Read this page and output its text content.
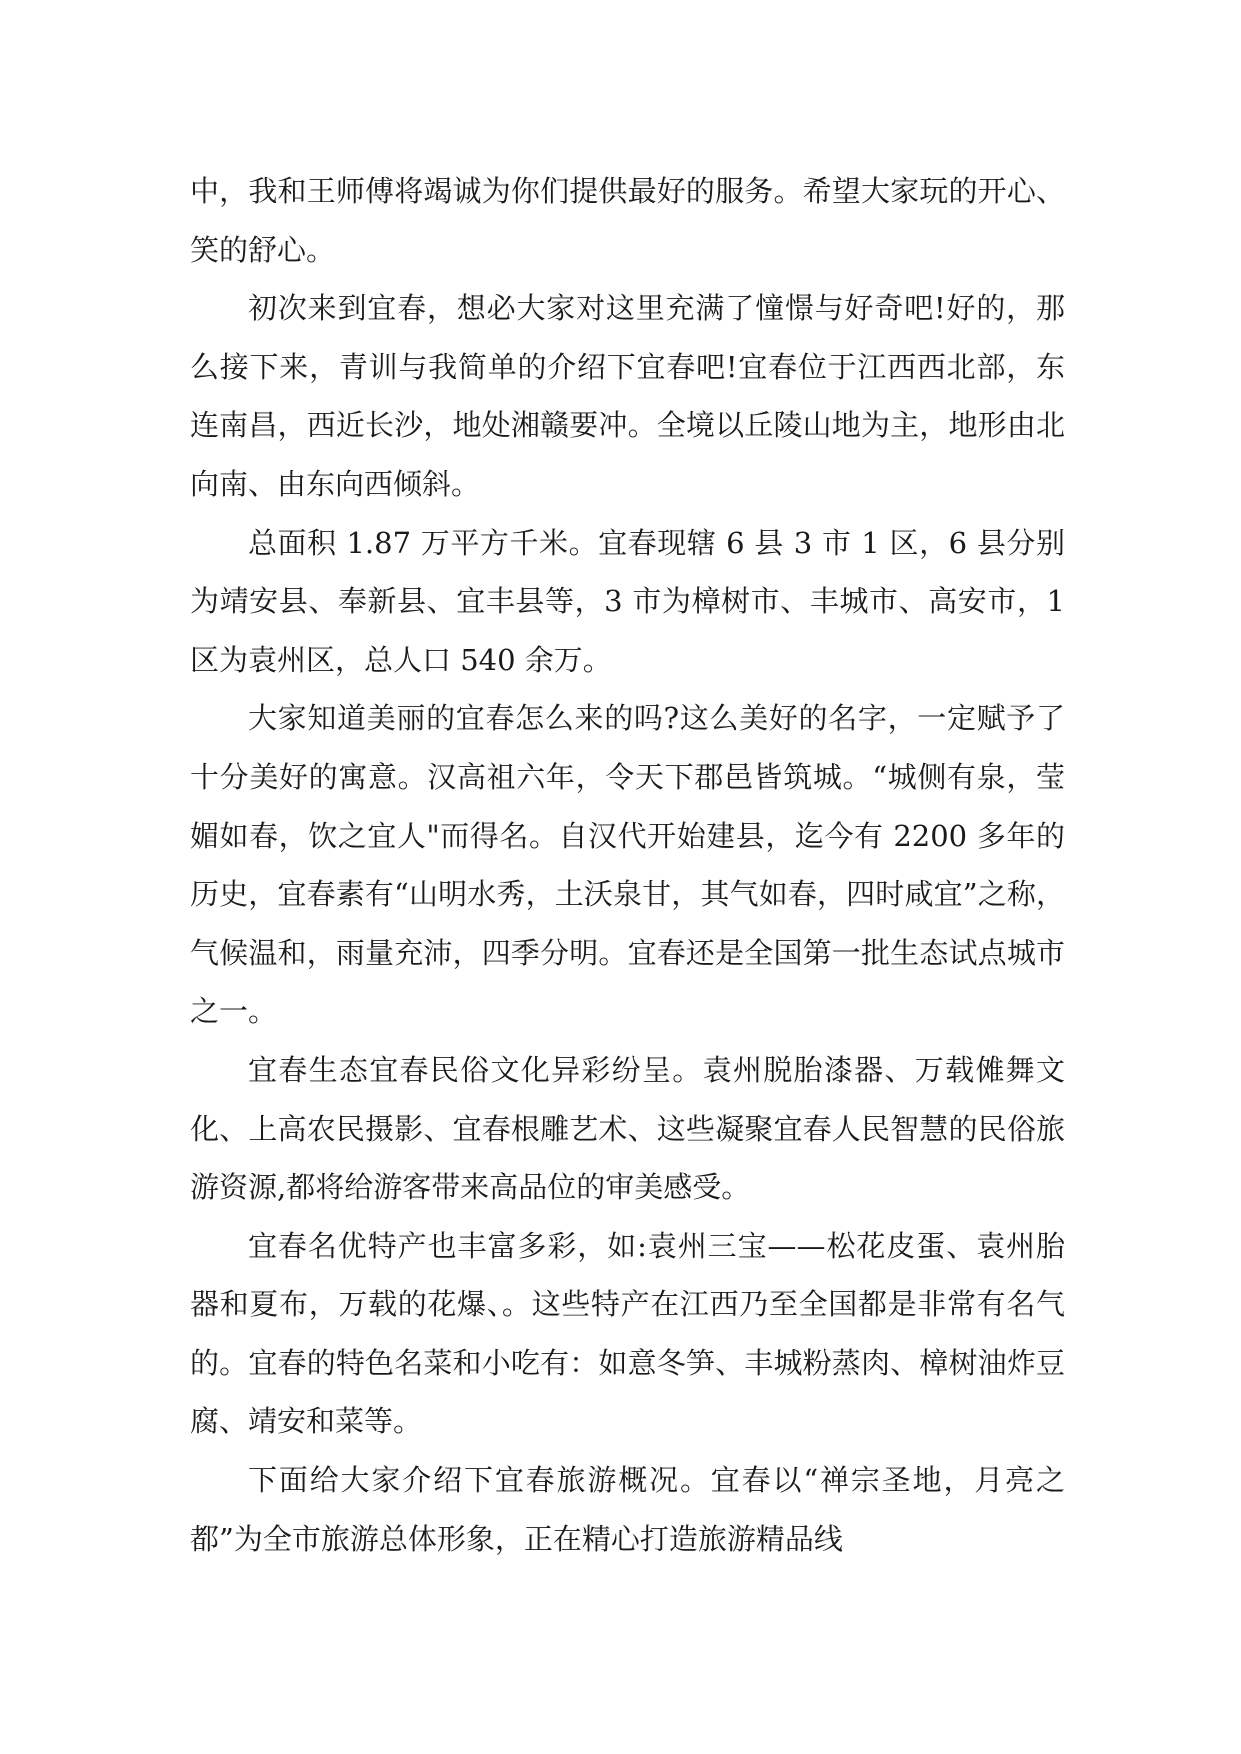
中，我和王师傅将竭诚为你们提供最好的服务。希望大家玩的开心、笑的舒心。

初次来到宜春，想必大家对这里充满了憧憬与好奇吧!好的，那么接下来，青训与我简单的介绍下宜春吧!宜春位于江西西北部，东连南昌，西近长沙，地处湘赣要冲。全境以丘陵山地为主，地形由北向南、由东向西倾斜。

总面积 1.87 万平方千米。宜春现辖 6 县 3 市 1 区，6 县分别为靖安县、奉新县、宜丰县等，3 市为樟树市、丰城市、高安市，1 区为袁州区，总人口 540 余万。

大家知道美丽的宜春怎么来的吗?这么美好的名字，一定赋予了十分美好的寓意。汉高祖六年，令天下郡邑皆筑城。“城侧有泉，莹媚如春，饮之宜人"而得名。自汉代开始建县，迄今有 2200 多年的历史，宜春素有“山明水秀，土沃泉甘，其气如春，四时咸宜”之称，气候温和，雨量充沛，四季分明。宜春还是全国第一批生态试点城市之一。

宜春生态宜春民俗文化异彩纷呈。袁州脱胎漆器、万载傩舞文化、上高农民摄影、宜春根雕艺术、这些凝聚宜春人民智慧的民俗旅游资源,都将给游客带来高品位的审美感受。

宜春名优特产也丰富多彩，如:袁州三宝——松花皮蛋、袁州胎器和夏布，万载的花爆、。这些特产在江西乃至全国都是非常有名气的。宜春的特色名菜和小吃有：如意冬笋、丰城粉蒸肉、樟树油炸豆腐、靖安和菜等。

下面给大家介绍下宜春旅游概况。宜春以“禅宗圣地，月亮之都”为全市旅游总体形象，正在精心打造旅游精品线
